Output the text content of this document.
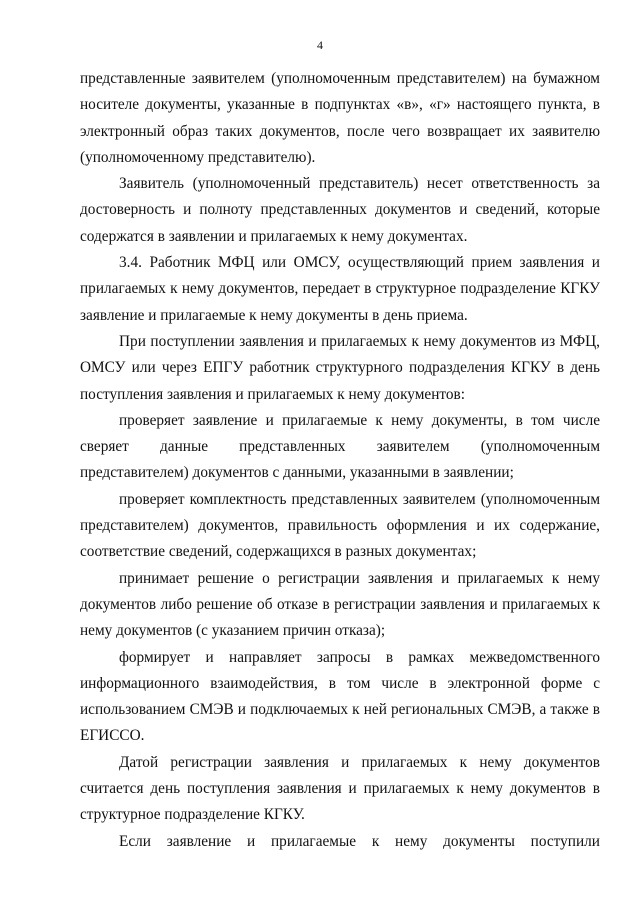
4

представленные заявителем (уполномоченным представителем) на бумажном носителе документы, указанные в подпунктах «в», «г» настоящего пункта, в электронный образ таких документов, после чего возвращает их заявителю (уполномоченному представителю).

Заявитель (уполномоченный представитель) несет ответственность за достоверность и полноту представленных документов и сведений, которые содержатся в заявлении и прилагаемых к нему документах.

3.4. Работник МФЦ или ОМСУ, осуществляющий прием заявления и прилагаемых к нему документов, передает в структурное подразделение КГКУ заявление и прилагаемые к нему документы в день приема.

При поступлении заявления и прилагаемых к нему документов из МФЦ, ОМСУ или через ЕПГУ работник структурного подразделения КГКУ в день поступления заявления и прилагаемых к нему документов:

проверяет заявление и прилагаемые к нему документы, в том числе сверяет данные представленных заявителем (уполномоченным представителем) документов с данными, указанными в заявлении;

проверяет комплектность представленных заявителем (уполномоченным представителем) документов, правильность оформления и их содержание, соответствие сведений, содержащихся в разных документах;

принимает решение о регистрации заявления и прилагаемых к нему документов либо решение об отказе в регистрации заявления и прилагаемых к нему документов (с указанием причин отказа);

формирует и направляет запросы в рамках межведомственного информационного взаимодействия, в том числе в электронной форме с использованием СМЭВ и подключаемых к ней региональных СМЭВ, а также в ЕГИССО.

Датой регистрации заявления и прилагаемых к нему документов считается день поступления заявления и прилагаемых к нему документов в структурное подразделение КГКУ.

Если заявление и прилагаемые к нему документы поступили
